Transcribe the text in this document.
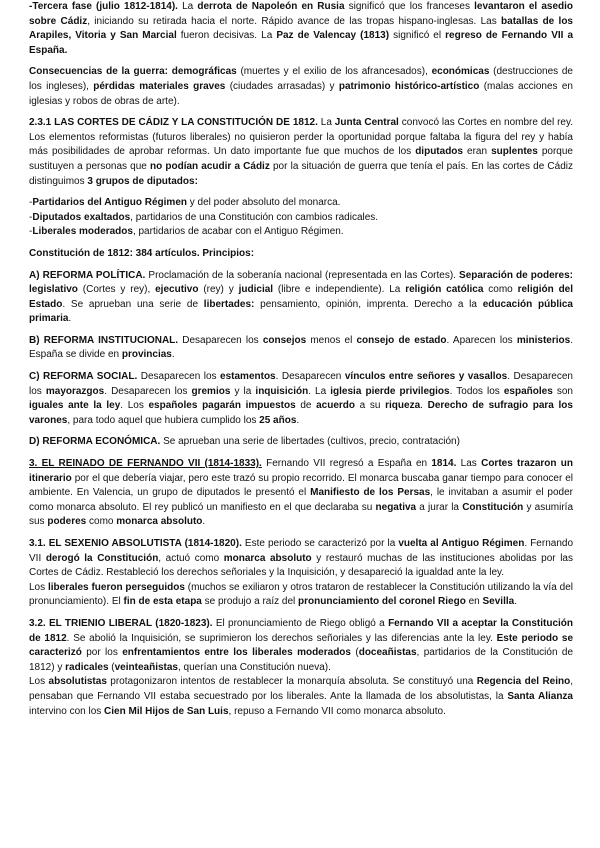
-Tercera fase (julio 1812-1814). La derrota de Napoleón en Rusia significó que los franceses levantaron el asedio sobre Cádiz, iniciando su retirada hacia el norte. Rápido avance de las tropas hispano-inglesas. Las batallas de los Arapiles, Vitoria y San Marcial fueron decisivas. La Paz de Valencay (1813) significó el regreso de Fernando VII a España.

Consecuencias de la guerra: demográficas (muertes y el exilio de los afrancesados), económicas (destrucciones de los ingleses), pérdidas materiales graves (ciudades arrasadas) y patrimonio histórico-artístico (malas acciones en iglesias y robos de obras de arte).

2.3.1 LAS CORTES DE CÁDIZ Y LA CONSTITUCIÓN DE 1812. La Junta Central convocó las Cortes en nombre del rey. Los elementos reformistas (futuros liberales) no quisieron perder la oportunidad porque faltaba la figura del rey y había más posibilidades de aprobar reformas. Un dato importante fue que muchos de los diputados eran suplentes porque sustituyen a personas que no podían acudir a Cádiz por la situación de guerra que tenía el país. En las cortes de Cádiz distinguimos 3 grupos de diputados:

-Partidarios del Antiguo Régimen y del poder absoluto del monarca.

-Diputados exaltados, partidarios de una Constitución con cambios radicales.

-Liberales moderados, partidarios de acabar con el Antiguo Régimen.

Constitución de 1812: 384 artículos. Principios:

A) REFORMA POLÍTICA. Proclamación de la soberanía nacional (representada en las Cortes). Separación de poderes: legislativo (Cortes y rey), ejecutivo (rey) y judicial (libre e independiente). La religión católica como religión del Estado. Se aprueban una serie de libertades: pensamiento, opinión, imprenta. Derecho a la educación pública primaria.

B) REFORMA INSTITUCIONAL. Desaparecen los consejos menos el consejo de estado. Aparecen los ministerios. España se divide en provincias.

C) REFORMA SOCIAL. Desaparecen los estamentos. Desaparecen vínculos entre señores y vasallos. Desaparecen los mayorazgos. Desaparecen los gremios y la inquisición. La iglesia pierde privilegios. Todos los españoles son iguales ante la ley. Los españoles pagarán impuestos de acuerdo a su riqueza. Derecho de sufragio para los varones, para todo aquel que hubiera cumplido los 25 años.

D) REFORMA ECONÓMICA. Se aprueban una serie de libertades (cultivos, precio, contratación)

3. EL REINADO DE FERNANDO VII (1814-1833). Fernando VII regresó a España en 1814. Las Cortes trazaron un itinerario por el que debería viajar, pero este trazó su propio recorrido. El monarca buscaba ganar tiempo para conocer el ambiente. En Valencia, un grupo de diputados le presentó el Manifiesto de los Persas, le invitaban a asumir el poder como monarca absoluto. El rey publicó un manifiesto en el que declaraba su negativa a jurar la Constitución y asumiría sus poderes como monarca absoluto.

3.1. EL SEXENIO ABSOLUTISTA (1814-1820). Este periodo se caracterizó por la vuelta al Antiguo Régimen. Fernando VII derogó la Constitución, actuó como monarca absoluto y restauró muchas de las instituciones abolidas por las Cortes de Cádiz. Restableció los derechos señoriales y la Inquisición, y desapareció la igualdad ante la ley.

Los liberales fueron perseguidos (muchos se exiliaron y otros trataron de restablecer la Constitución utilizando la vía del pronunciamiento). El fin de esta etapa se produjo a raíz del pronunciamiento del coronel Riego en Sevilla.

3.2. EL TRIENIO LIBERAL (1820-1823). El pronunciamiento de Riego obligó a Fernando VII a aceptar la Constitución de 1812. Se abolió la Inquisición, se suprimieron los derechos señoriales y las diferencias ante la ley. Este periodo se caracterizó por los enfrentamientos entre los liberales moderados (doceañistas, partidarios de la Constitución de 1812) y radicales (veinteañistas, querían una Constitución nueva).

Los absolutistas protagonizaron intentos de restablecer la monarquía absoluta. Se constituyó una Regencia del Reino, pensaban que Fernando VII estaba secuestrado por los liberales. Ante la llamada de los absolutistas, la Santa Alianza intervino con los Cien Mil Hijos de San Luis, repuso a Fernando VII como monarca absoluto.
